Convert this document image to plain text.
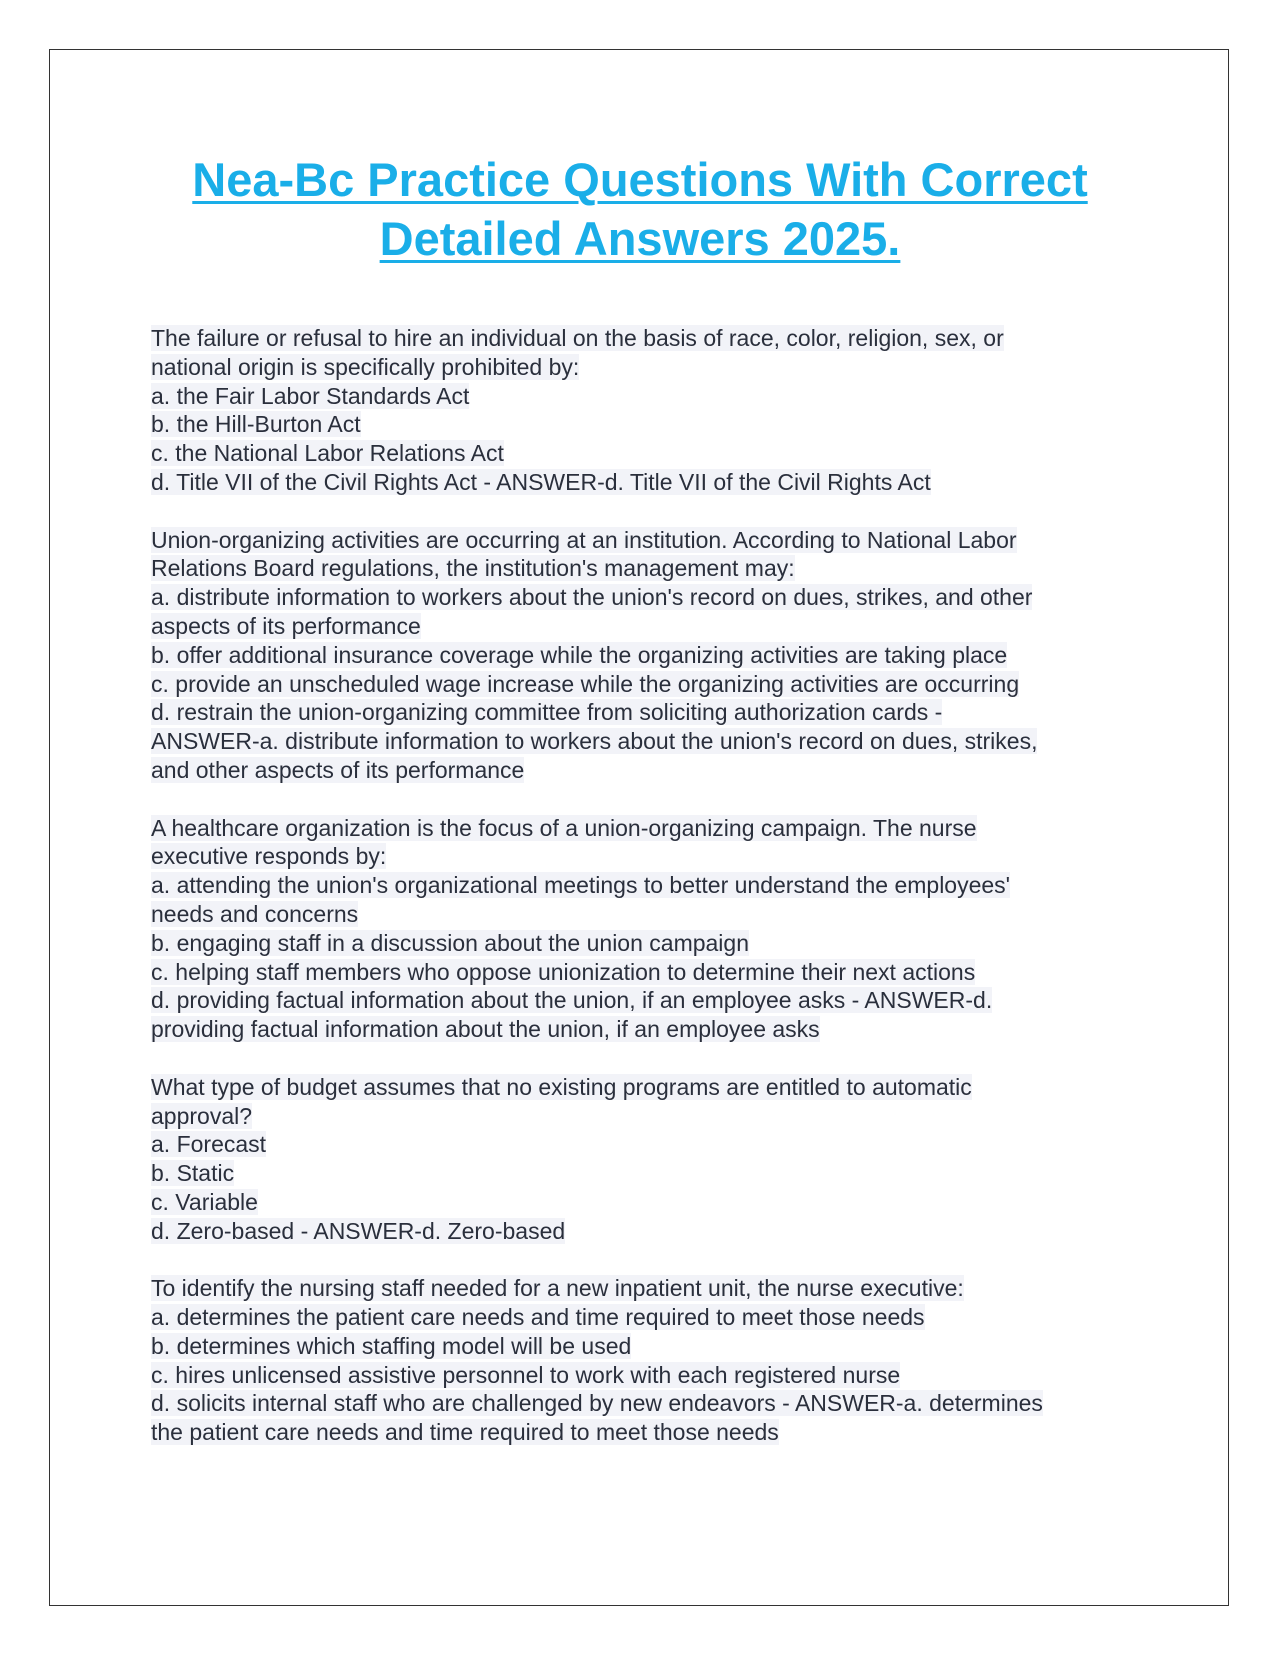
Nea-Bc Practice Questions With Correct Detailed Answers 2025.
The failure or refusal to hire an individual on the basis of race, color, religion, sex, or
national origin is specifically prohibited by:
a. the Fair Labor Standards Act
b. the Hill-Burton Act
c. the National Labor Relations Act
d. Title VII of the Civil Rights Act - ANSWER-d. Title VII of the Civil Rights Act
Union-organizing activities are occurring at an institution. According to National Labor
Relations Board regulations, the institution's management may:
a. distribute information to workers about the union's record on dues, strikes, and other
aspects of its performance
b. offer additional insurance coverage while the organizing activities are taking place
c. provide an unscheduled wage increase while the organizing activities are occurring
d. restrain the union-organizing committee from soliciting authorization cards -
ANSWER-a. distribute information to workers about the union's record on dues, strikes,
and other aspects of its performance
A healthcare organization is the focus of a union-organizing campaign. The nurse
executive responds by:
a. attending the union's organizational meetings to better understand the employees'
needs and concerns
b. engaging staff in a discussion about the union campaign
c. helping staff members who oppose unionization to determine their next actions
d. providing factual information about the union, if an employee asks - ANSWER-d.
providing factual information about the union, if an employee asks
What type of budget assumes that no existing programs are entitled to automatic
approval?
a. Forecast
b. Static
c. Variable
d. Zero-based - ANSWER-d. Zero-based
To identify the nursing staff needed for a new inpatient unit, the nurse executive:
a. determines the patient care needs and time required to meet those needs
b. determines which staffing model will be used
c. hires unlicensed assistive personnel to work with each registered nurse
d. solicits internal staff who are challenged by new endeavors - ANSWER-a. determines
the patient care needs and time required to meet those needs
